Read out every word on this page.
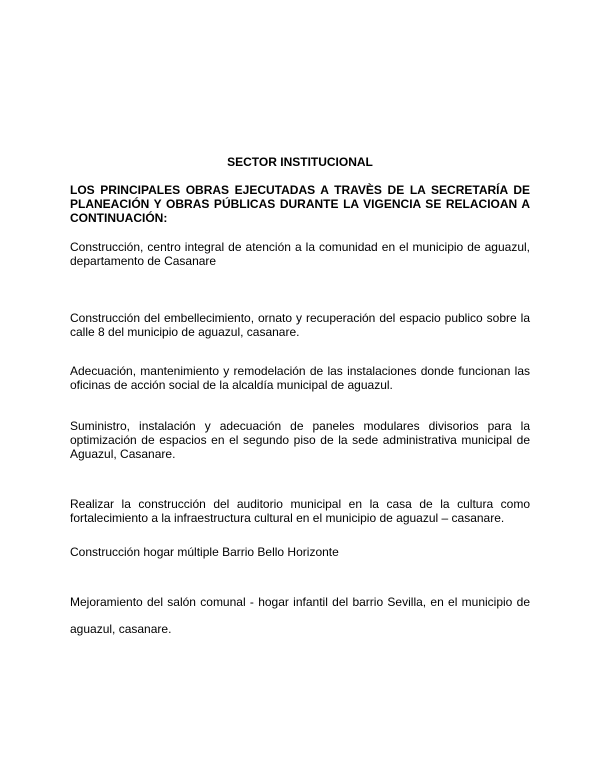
SECTOR INSTITUCIONAL

LOS PRINCIPALES OBRAS EJECUTADAS A TRAVÈS DE LA SECRETARÍA DE PLANEACIÓN Y OBRAS PÚBLICAS DURANTE LA VIGENCIA SE RELACIOAN A CONTINUACIÓN:

Construcción, centro integral de atención a la comunidad en el municipio de aguazul, departamento de Casanare

Construcción del embellecimiento, ornato y recuperación del espacio publico sobre la calle 8 del municipio de aguazul, casanare.

Adecuación, mantenimiento y remodelación de las instalaciones donde funcionan las oficinas de acción social de la alcaldía municipal de aguazul.

Suministro, instalación y adecuación de paneles modulares divisorios para la optimización de espacios en el segundo piso de la sede administrativa municipal de Aguazul, Casanare.

Realizar la construcción del auditorio municipal en la casa de la cultura como fortalecimiento a la infraestructura cultural en el municipio de aguazul – casanare.

Construcción hogar múltiple Barrio Bello Horizonte

Mejoramiento del salón comunal - hogar infantil del barrio Sevilla, en el municipio de aguazul, casanare.
